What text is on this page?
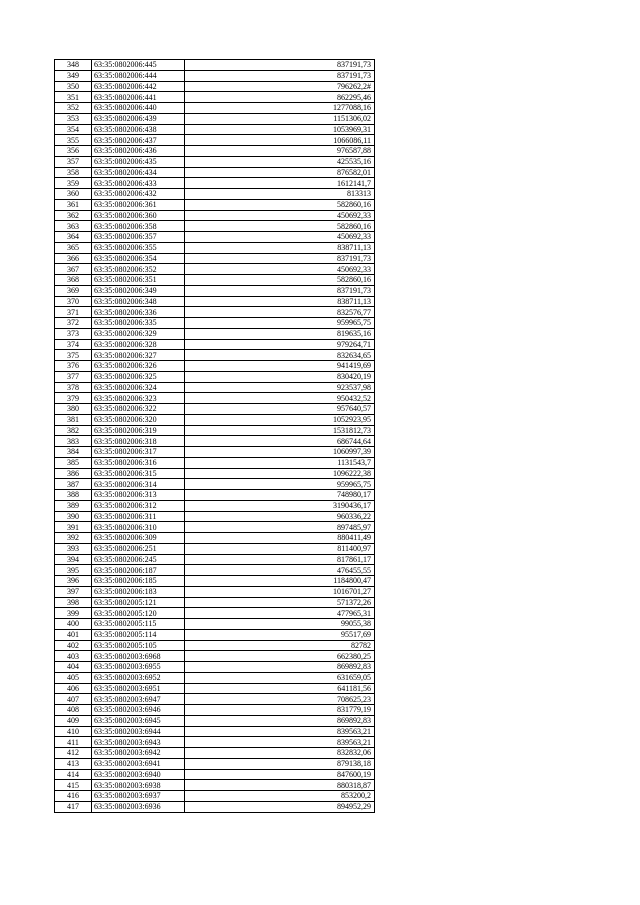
348	63:35:0802006:445	837191,73
349	63:35:0802006:444	837191,73
350	63:35:0802006:442	796262,2#
351	63:35:0802006:441	862295,46
352	63:35:0802006:440	1277088,16
353	63:35:0802006:439	1151306,02
354	63:35:0802006:438	1053969,31
355	63:35:0802006:437	1066086,11
356	63:35:0802006:436	976587,88
357	63:35:0802006:435	425535,16
358	63:35:0802006:434	876582,01
359	63:35:0802006:433	1612141,7
360	63:35:0802006:432	813313
361	63:35:0802006:361	582860,16
362	63:35:0802006:360	450692,33
363	63:35:0802006:358	582860,16
364	63:35:0802006:357	450692,33
365	63:35:0802006:355	838711,13
366	63:35:0802006:354	837191,73
367	63:35:0802006:352	450692,33
368	63:35:0802006:351	582860,16
369	63:35:0802006:349	837191,73
370	63:35:0802006:348	838711,13
371	63:35:0802006:336	832576,77
372	63:35:0802006:335	959965,75
373	63:35:0802006:329	819635,16
374	63:35:0802006:328	979264,71
375	63:35:0802006:327	832634,65
376	63:35:0802006:326	941419,69
377	63:35:0802006:325	830420,19
378	63:35:0802006:324	923537,98
379	63:35:0802006:323	950432,52
380	63:35:0802006:322	957640,57
381	63:35:0802006:320	1052923,95
382	63:35:0802006:319	1531812,73
383	63:35:0802006:318	686744,64
384	63:35:0802006:317	1060997,39
385	63:35:0802006:316	1131543,7
386	63:35:0802006:315	1096222,38
387	63:35:0802006:314	959965,75
388	63:35:0802006:313	748980,17
389	63:35:0802006:312	3190436,17
390	63:35:0802006:311	960336,22
391	63:35:0802006:310	897485,97
392	63:35:0802006:309	880411,49
393	63:35:0802006:251	811400,97
394	63:35:0802006:245	817861,17
395	63:35:0802006:187	476455,55
396	63:35:0802006:185	1184800,47
397	63:35:0802006:183	1016701,27
398	63:35:0802005:121	571372,26
399	63:35:0802005:120	477965,31
400	63:35:0802005:115	99055,38
401	63:35:0802005:114	95517,69
402	63:35:0802005:105	82782
403	63:35:0802003:6968	662380,25
404	63:35:0802003:6955	869892,83
405	63:35:0802003:6952	631659,05
406	63:35:0802003:6951	641181,56
407	63:35:0802003:6947	708625,23
408	63:35:0802003:6946	831779,19
409	63:35:0802003:6945	869892,83
410	63:35:0802003:6944	839563,21
411	63:35:0802003:6943	839563,21
412	63:35:0802003:6942	832832,06
413	63:35:0802003:6941	879138,18
414	63:35:0802003:6940	847600,19
415	63:35:0802003:6938	880318,87
416	63:35:0802003:6937	853200,2
417	63:35:0802003:6936	894952,29
